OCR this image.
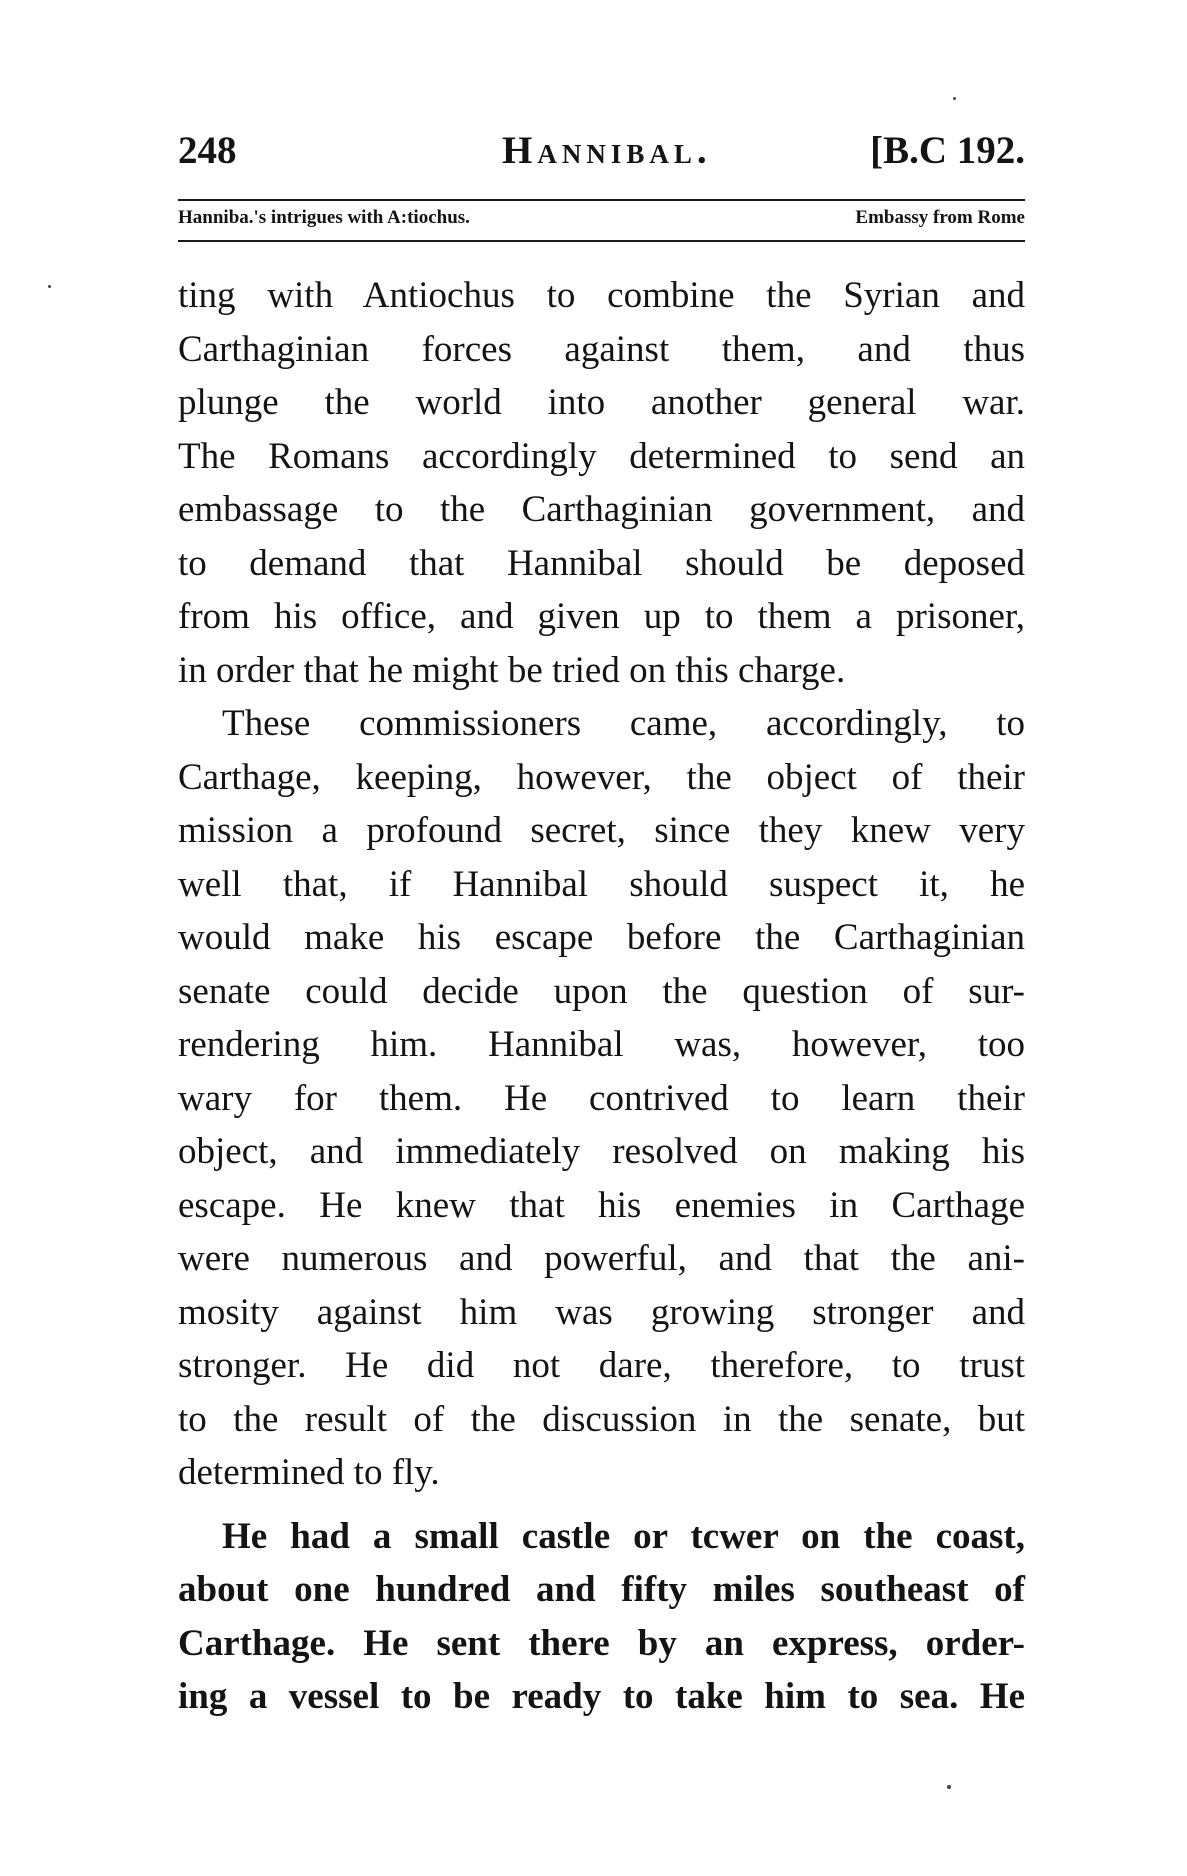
248	Hannibal.	[B.C 192.
Hanniba.'s intrigues with A:tiochus.	Embassy from Rome
ting with Antiochus to combine the Syrian and
Carthaginian forces against them, and thus
plunge the world into another general war.
The Romans accordingly determined to send an
embassage to the Carthaginian government, and
to demand that Hannibal should be deposed
from his office, and given up to them a prisoner,
in order that he might be tried on this charge.
These commissioners came, accordingly, to
Carthage, keeping, however, the object of their
mission a profound secret, since they knew very
well that, if Hannibal should suspect it, he
would make his escape before the Carthaginian
senate could decide upon the question of sur-
rendering him. Hannibal was, however, too
wary for them. He contrived to learn their
object, and immediately resolved on making his
escape. He knew that his enemies in Carthage
were numerous and powerful, and that the ani-
mosity against him was growing stronger and
stronger. He did not dare, therefore, to trust
to the result of the discussion in the senate, but
determined to fly.
He had a small castle or tcwer on the coast,
about one hundred and fifty miles southeast of
Carthage. He sent there by an express, order-
ing a vessel to be ready to take him to sea. He
